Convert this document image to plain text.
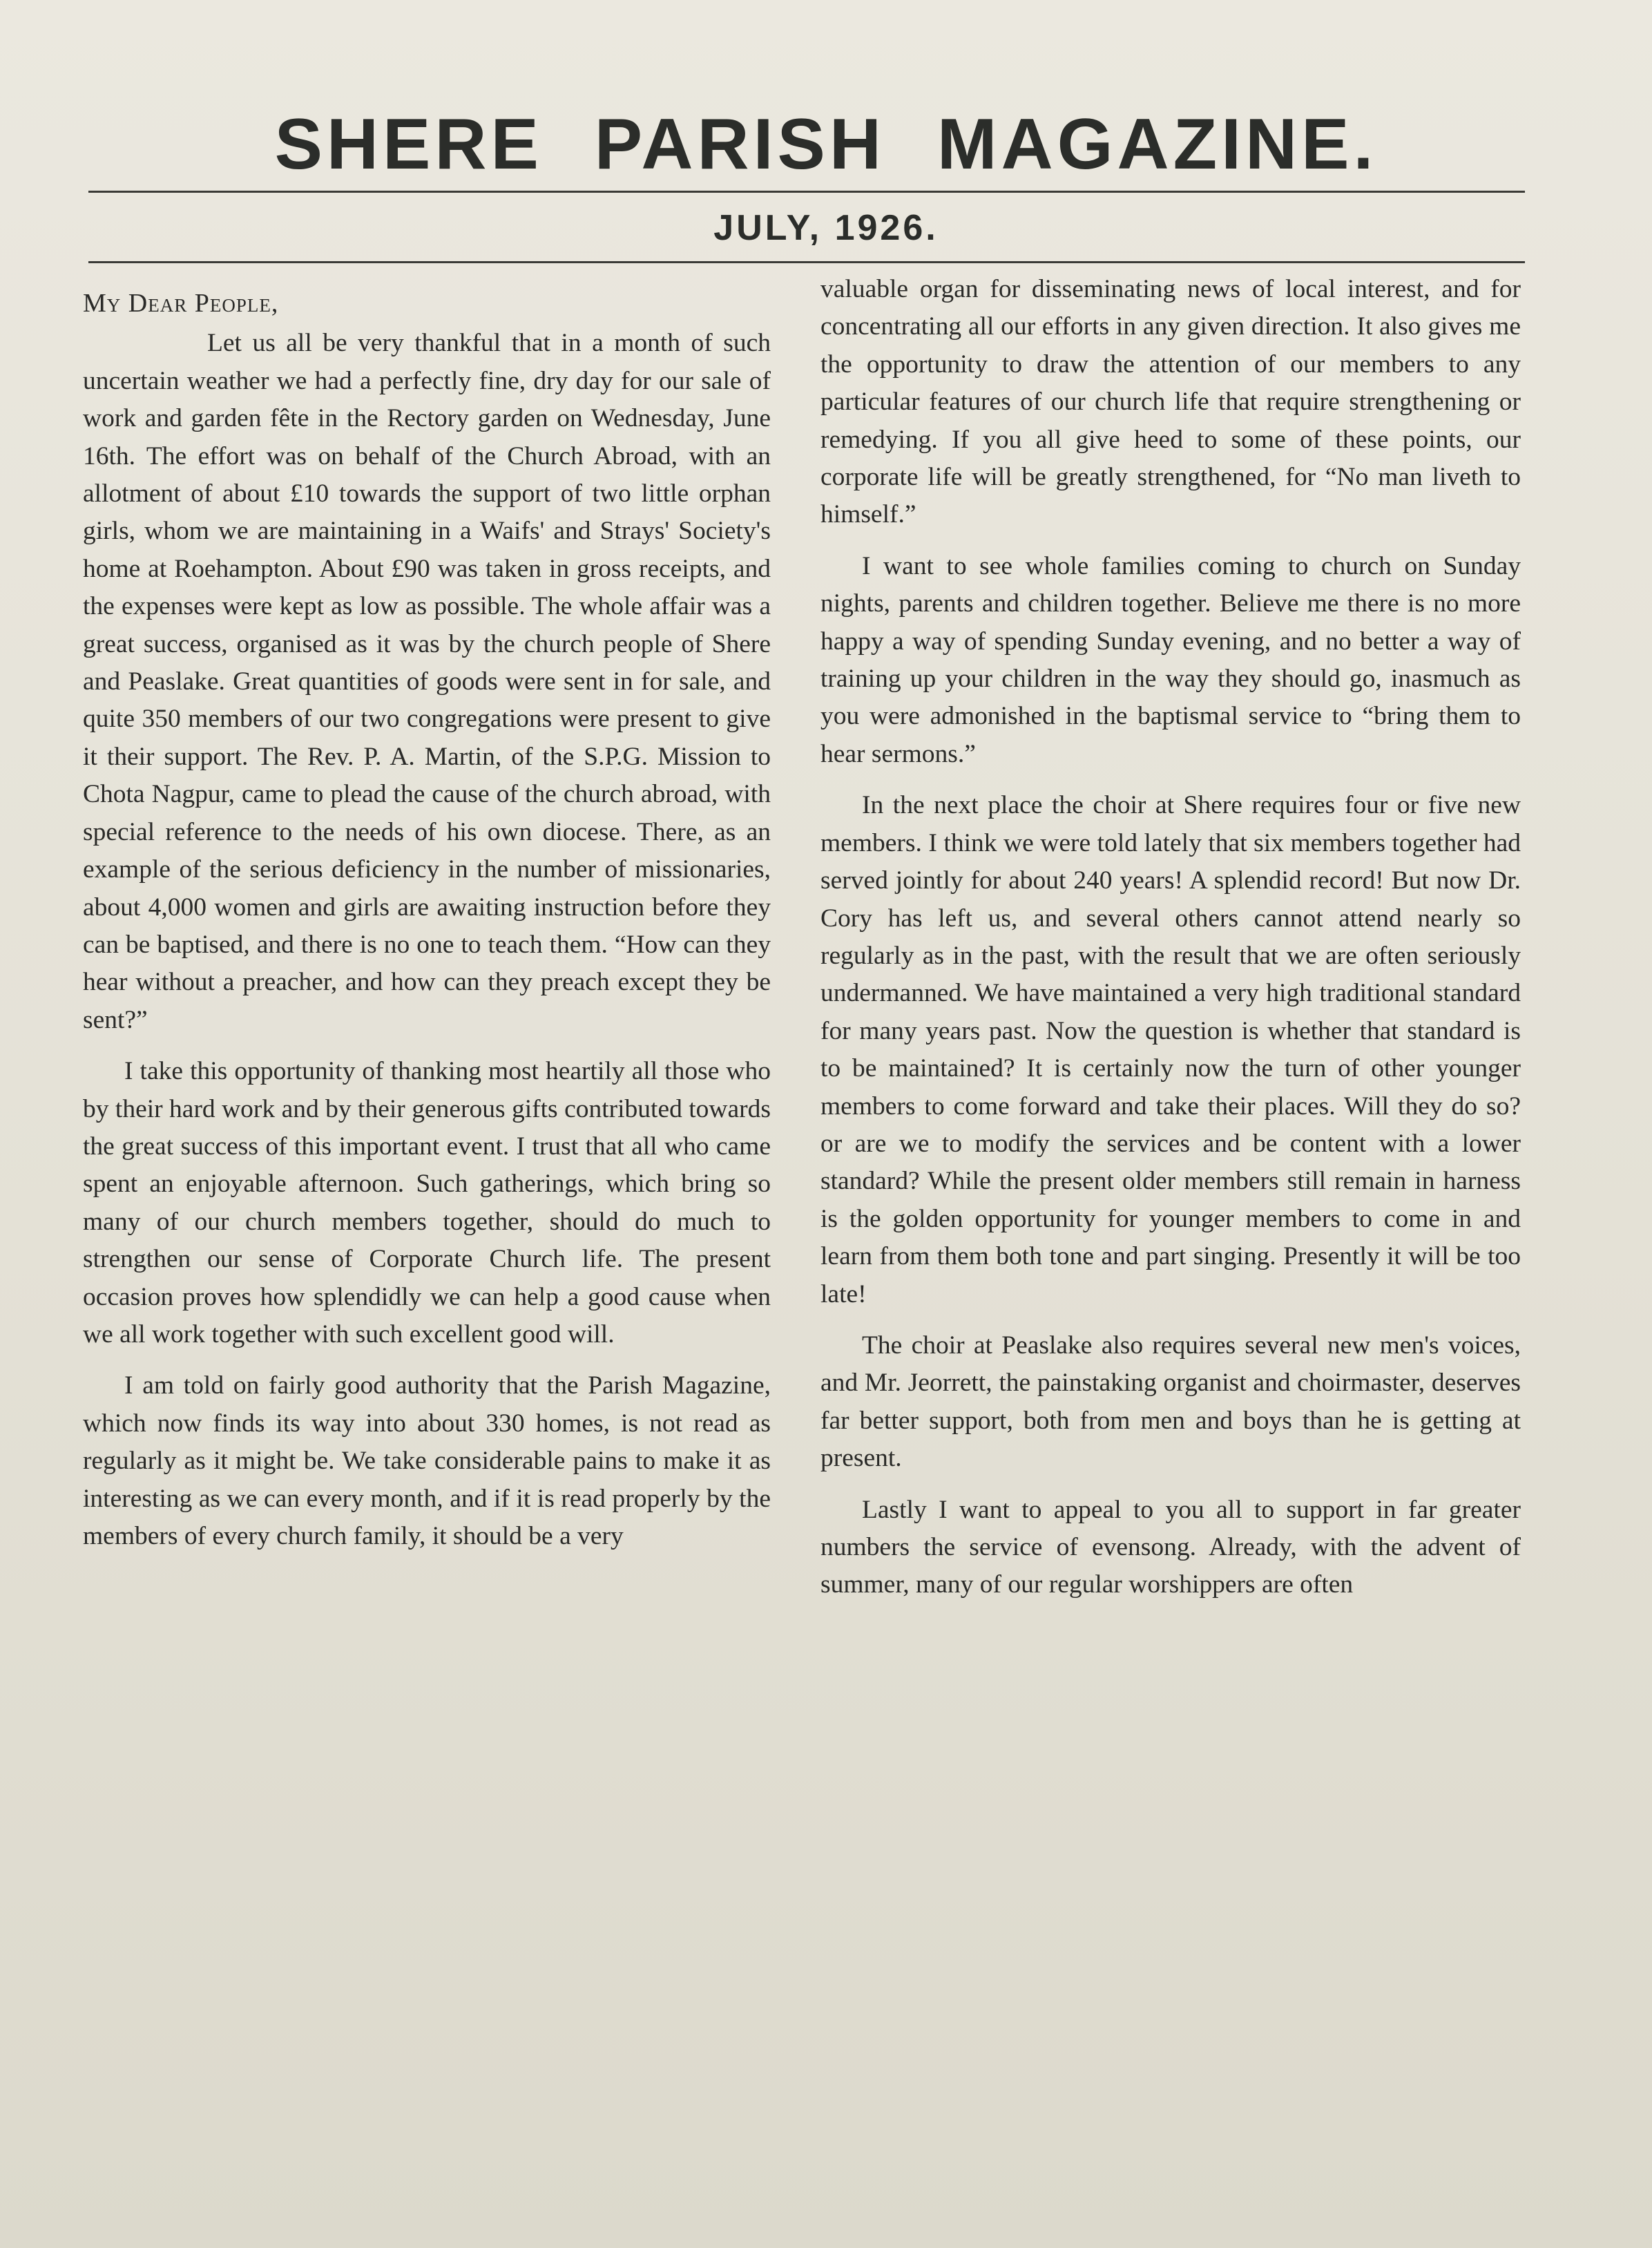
SHERE PARISH MAGAZINE.
JULY, 1926.
My Dear People,

Let us all be very thankful that in a month of such uncertain weather we had a perfectly fine, dry day for our sale of work and garden fête in the Rectory garden on Wednesday, June 16th. The effort was on behalf of the Church Abroad, with an allotment of about £10 towards the support of two little orphan girls, whom we are maintaining in a Waifs' and Strays' Society's home at Roehampton. About £90 was taken in gross receipts, and the expenses were kept as low as possible. The whole affair was a great success, organised as it was by the church people of Shere and Peaslake. Great quantities of goods were sent in for sale, and quite 350 members of our two congregations were present to give it their support. The Rev. P. A. Martin, of the S.P.G. Mission to Chota Nagpur, came to plead the cause of the church abroad, with special reference to the needs of his own diocese. There, as an example of the serious deficiency in the number of missionaries, about 4,000 women and girls are awaiting instruction before they can be baptised, and there is no one to teach them. “How can they hear without a preacher, and how can they preach except they be sent?”

I take this opportunity of thanking most heartily all those who by their hard work and by their generous gifts contributed towards the great success of this important event. I trust that all who came spent an enjoyable afternoon. Such gatherings, which bring so many of our church members together, should do much to strengthen our sense of Corporate Church life. The present occasion proves how splendidly we can help a good cause when we all work together with such excellent good will.

I am told on fairly good authority that the Parish Magazine, which now finds its way into about 330 homes, is not read as regularly as it might be. We take considerable pains to make it as interesting as we can every month, and if it is read properly by the members of every church family, it should be a very

valuable organ for disseminating news of local interest, and for concentrating all our efforts in any given direction. It also gives me the opportunity to draw the attention of our members to any particular features of our church life that require strengthening or remedying. If you all give heed to some of these points, our corporate life will be greatly strengthened, for “No man liveth to himself.”

I want to see whole families coming to church on Sunday nights, parents and children together. Believe me there is no more happy a way of spending Sunday evening, and no better a way of training up your children in the way they should go, inasmuch as you were admonished in the baptismal service to “bring them to hear sermons.”

In the next place the choir at Shere requires four or five new members. I think we were told lately that six members together had served jointly for about 240 years! A splendid record! But now Dr. Cory has left us, and several others cannot attend nearly so regularly as in the past, with the result that we are often seriously undermanned. We have maintained a very high traditional standard for many years past. Now the question is whether that standard is to be maintained? It is certainly now the turn of other younger members to come forward and take their places. Will they do so? or are we to modify the services and be content with a lower standard? While the present older members still remain in harness is the golden opportunity for younger members to come in and learn from them both tone and part singing. Presently it will be too late!

The choir at Peaslake also requires several new men's voices, and Mr. Jeorrett, the painstaking organist and choirmaster, deserves far better support, both from men and boys than he is getting at present.

Lastly I want to appeal to you all to support in far greater numbers the service of evensong. Already, with the advent of summer, many of our regular worshippers are often
